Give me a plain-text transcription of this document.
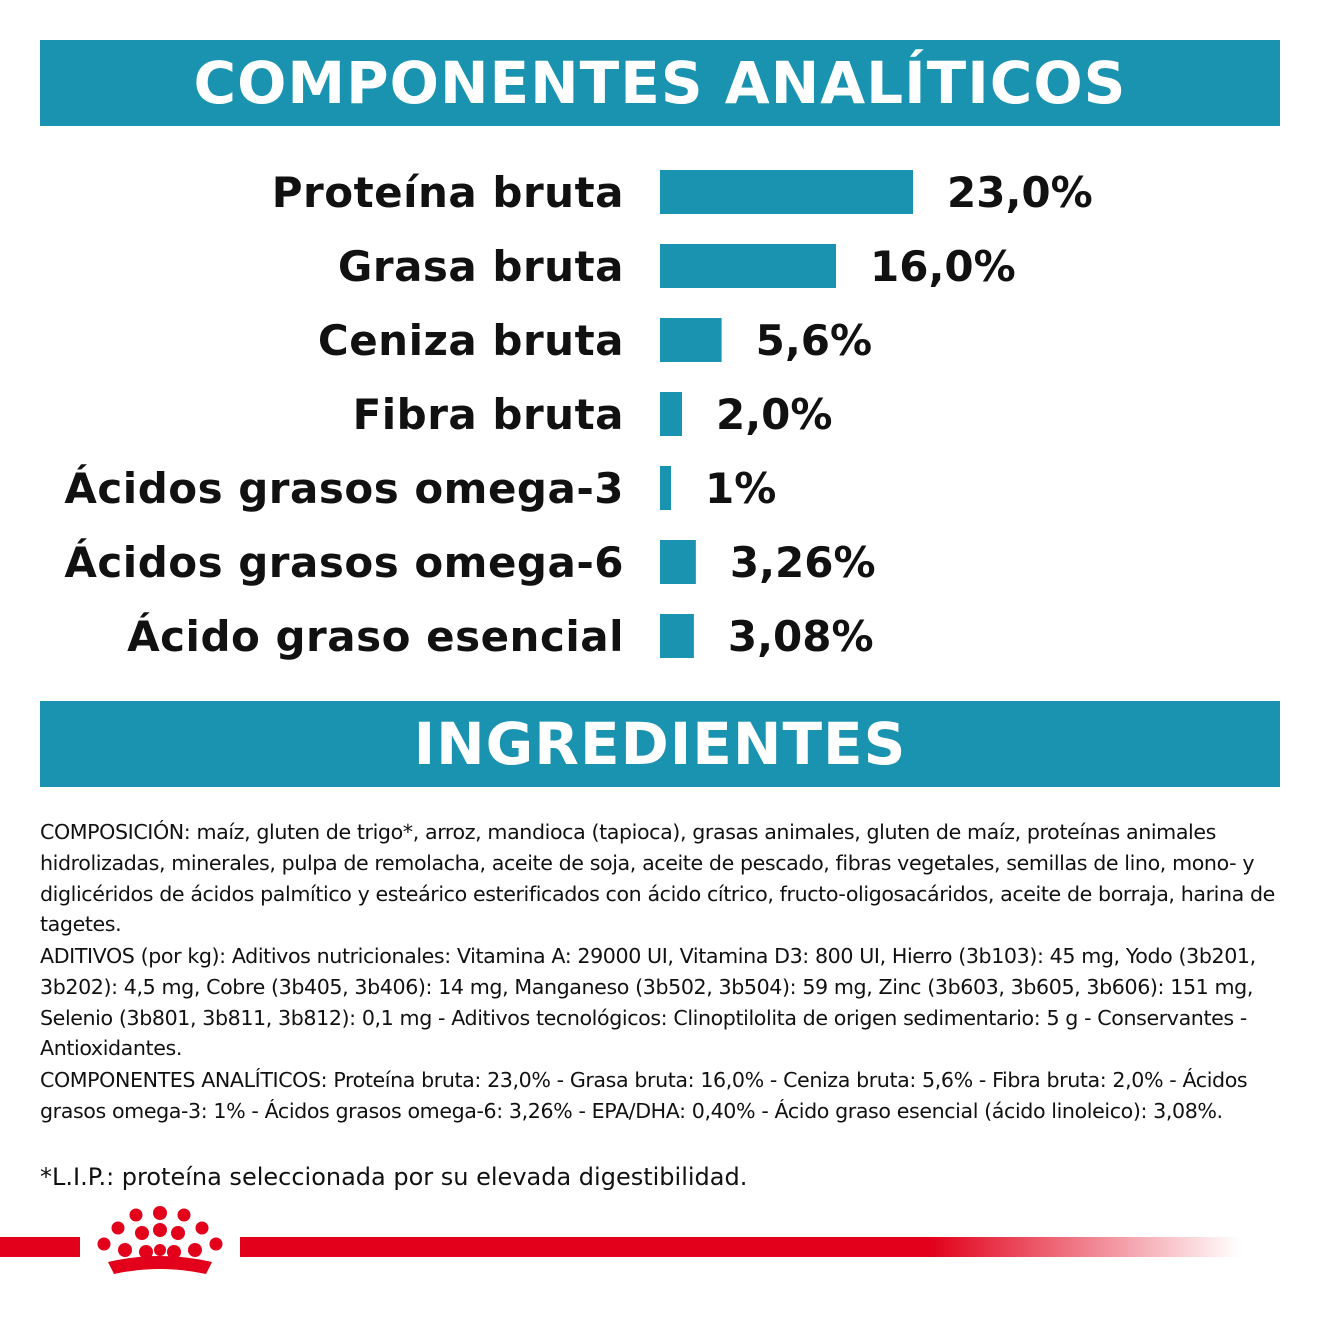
COMPONENTES ANALÍTICOS
Proteína bruta	23,0%
Grasa bruta	16,0%
Ceniza bruta	5,6%
Fibra bruta 2,0%
Ácidos grasos omega-3 1%
Ácidos grasos omega-6	3,26%
Ácido graso esencial 3,08%
INGREDIENTES
COMPOSICIÓN: maíz, gluten de trigo*, arroz, mandioca (tapioca), grasas animales, gluten de maíz, proteínas animales hidrolizadas, minerales, pulpa de remolacha, aceite de soja, aceite de pescado, fibras vegetales, semillas de lino, mono- y diglicéridos de ácidos palmítico y esteárico esterificados con ácido cítrico, fructo-oligosacáridos, aceite de borraja, harina de tagetes.
ADITIVOS (por kg): Aditivos nutricionales: Vitamina A: 29000 UI, Vitamina D3: 800 UI, Hierro (3b103): 45 mg, Yodo (3b201, 3b202): 4,5 mg, Cobre (3b405, 3b406): 14 mg, Manganeso (3b502, 3b504): 59 mg, Zinc (3b603, 3b605, 3b606): 151 mg, Selenio (3b801, 3b811, 3b812): 0,1 mg - Aditivos tecnológicos: Clinoptilolita de origen sedimentario: 5 g - Conservantes - Antioxidantes.
COMPONENTES ANALÍTICOS: Proteína bruta: 23,0% - Grasa bruta: 16,0% - Ceniza bruta: 5,6% - Fibra bruta: 2,0% - Ácidos grasos omega-3: 1% - Ácidos grasos omega-6: 3,26% - EPA/DHA: 0,40% - Ácido graso esencial (ácido linoleico): 3,08%.
*L.I.P.: proteína seleccionada por su elevada digestibilidad.
